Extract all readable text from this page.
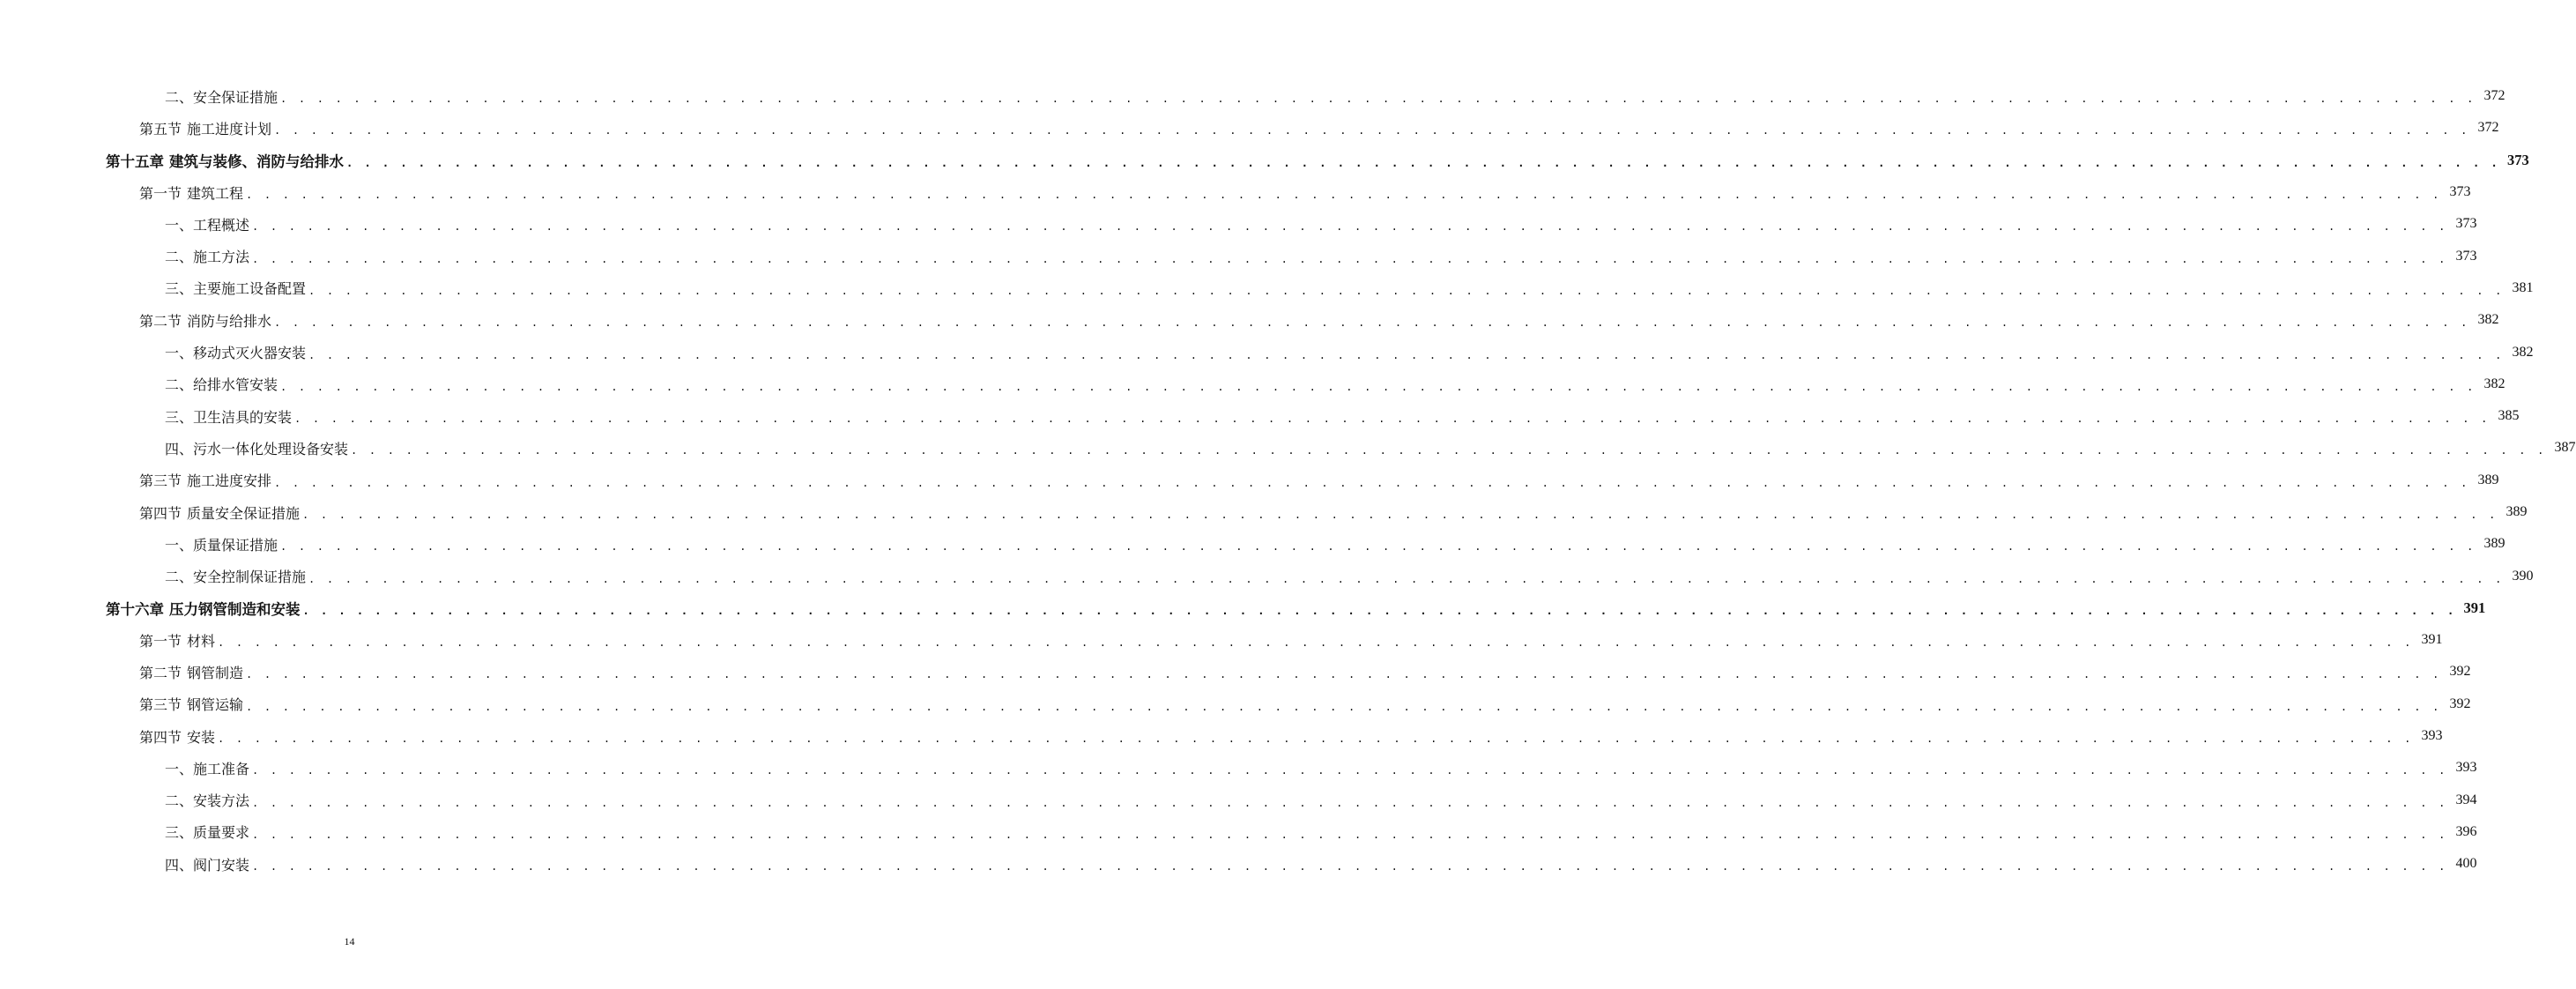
二、安全保证措施 . . . . . . . . . . . . . . . . . . . . . . . . . . . . . . . . . . . . . . . . . . . . . . . . . . . . . . . . . . . . . . . . . . . . . . . . . . . . . . . . . . . . . . . . . . . . . . . . . . . . . . . . . . . . . . . . . . . . . . . . 372
第五节 施工进度计划 . . . . . . . . . . . . . . . . . . . . . . . . . . . . . . . . . . . . . . . . . . . . . . . . . . . . . . . . . . . . . . . . . . . . . . . . . . . . . . . . . . . . . . . . . . . . . . . . . . . . . . . . . . . . . . . . . . . . . . . . 372
第十五章 建筑与装修、消防与给排水 . . . . . . . . . . . . . . . . . . . . . . . . . . . . . . . . . . . . . . . . . . . . . . . . . . . . . . . . . . . . . . . . . . . . . . . . . . . . . . . . . . . . . . . . . . . . . . . . . . . . . . . . . . . . . . . . . . . . . . . . 373
第一节 建筑工程 . . . . . . . . . . . . . . . . . . . . . . . . . . . . . . . . . . . . . . . . . . . . . . . . . . . . . . . . . . . . . . . . . . . . . . . . . . . . . . . . . . . . . . . . . . . . . . . . . . . . . . . . . . . . . . . . . . . . . . . . 373
一、工程概述 . . . . . . . . . . . . . . . . . . . . . . . . . . . . . . . . . . . . . . . . . . . . . . . . . . . . . . . . . . . . . . . . . . . . . . . . . . . . . . . . . . . . . . . . . . . . . . . . . . . . . . . . . . . . . . . . . . . . . . . . 373
二、施工方法 . . . . . . . . . . . . . . . . . . . . . . . . . . . . . . . . . . . . . . . . . . . . . . . . . . . . . . . . . . . . . . . . . . . . . . . . . . . . . . . . . . . . . . . . . . . . . . . . . . . . . . . . . . . . . . . . . . . . . . . . 373
三、主要施工设备配置 . . . . . . . . . . . . . . . . . . . . . . . . . . . . . . . . . . . . . . . . . . . . . . . . . . . . . . . . . . . . . . . . . . . . . . . . . . . . . . . . . . . . . . . . . . . . . . . . . . . . . . . . . . . . . . . . . . . . . . . . 381
第二节 消防与给排水 . . . . . . . . . . . . . . . . . . . . . . . . . . . . . . . . . . . . . . . . . . . . . . . . . . . . . . . . . . . . . . . . . . . . . . . . . . . . . . . . . . . . . . . . . . . . . . . . . . . . . . . . . . . . . . . . . . . . . . . . 382
一、移动式灭火器安装 . . . . . . . . . . . . . . . . . . . . . . . . . . . . . . . . . . . . . . . . . . . . . . . . . . . . . . . . . . . . . . . . . . . . . . . . . . . . . . . . . . . . . . . . . . . . . . . . . . . . . . . . . . . . . . . . . . . . . . . . 382
二、给排水管安装 . . . . . . . . . . . . . . . . . . . . . . . . . . . . . . . . . . . . . . . . . . . . . . . . . . . . . . . . . . . . . . . . . . . . . . . . . . . . . . . . . . . . . . . . . . . . . . . . . . . . . . . . . . . . . . . . . . . . . . . . 382
三、卫生洁具的安装 . . . . . . . . . . . . . . . . . . . . . . . . . . . . . . . . . . . . . . . . . . . . . . . . . . . . . . . . . . . . . . . . . . . . . . . . . . . . . . . . . . . . . . . . . . . . . . . . . . . . . . . . . . . . . . . . . . . . . . . . 385
四、污水一体化处理设备安装 . . . . . . . . . . . . . . . . . . . . . . . . . . . . . . . . . . . . . . . . . . . . . . . . . . . . . . . . . . . . . . . . . . . . . . . . . . . . . . . . . . . . . . . . . . . . . . . . . . . . . . . . . . . . . . . . . . . . . . . . 387
第三节 施工进度安排 . . . . . . . . . . . . . . . . . . . . . . . . . . . . . . . . . . . . . . . . . . . . . . . . . . . . . . . . . . . . . . . . . . . . . . . . . . . . . . . . . . . . . . . . . . . . . . . . . . . . . . . . . . . . . . . . . . . . . . . . 389
第四节 质量安全保证措施 . . . . . . . . . . . . . . . . . . . . . . . . . . . . . . . . . . . . . . . . . . . . . . . . . . . . . . . . . . . . . . . . . . . . . . . . . . . . . . . . . . . . . . . . . . . . . . . . . . . . . . . . . . . . . . . . . . . . . . . . 389
一、质量保证措施 . . . . . . . . . . . . . . . . . . . . . . . . . . . . . . . . . . . . . . . . . . . . . . . . . . . . . . . . . . . . . . . . . . . . . . . . . . . . . . . . . . . . . . . . . . . . . . . . . . . . . . . . . . . . . . . . . . . . . . . . 389
二、安全控制保证措施 . . . . . . . . . . . . . . . . . . . . . . . . . . . . . . . . . . . . . . . . . . . . . . . . . . . . . . . . . . . . . . . . . . . . . . . . . . . . . . . . . . . . . . . . . . . . . . . . . . . . . . . . . . . . . . . . . . . . . . . . 390
第十六章 压力钢管制造和安装 . . . . . . . . . . . . . . . . . . . . . . . . . . . . . . . . . . . . . . . . . . . . . . . . . . . . . . . . . . . . . . . . . . . . . . . . . . . . . . . . . . . . . . . . . . . . . . . . . . . . . . . . . . . . . . . . . . . . . . . . 391
第一节 材料 . . . . . . . . . . . . . . . . . . . . . . . . . . . . . . . . . . . . . . . . . . . . . . . . . . . . . . . . . . . . . . . . . . . . . . . . . . . . . . . . . . . . . . . . . . . . . . . . . . . . . . . . . . . . . . . . . . . . . . . . 391
第二节 钢管制造 . . . . . . . . . . . . . . . . . . . . . . . . . . . . . . . . . . . . . . . . . . . . . . . . . . . . . . . . . . . . . . . . . . . . . . . . . . . . . . . . . . . . . . . . . . . . . . . . . . . . . . . . . . . . . . . . . . . . . . . . 392
第三节 钢管运输 . . . . . . . . . . . . . . . . . . . . . . . . . . . . . . . . . . . . . . . . . . . . . . . . . . . . . . . . . . . . . . . . . . . . . . . . . . . . . . . . . . . . . . . . . . . . . . . . . . . . . . . . . . . . . . . . . . . . . . . . 392
第四节 安装 . . . . . . . . . . . . . . . . . . . . . . . . . . . . . . . . . . . . . . . . . . . . . . . . . . . . . . . . . . . . . . . . . . . . . . . . . . . . . . . . . . . . . . . . . . . . . . . . . . . . . . . . . . . . . . . . . . . . . . . . 393
一、施工准备 . . . . . . . . . . . . . . . . . . . . . . . . . . . . . . . . . . . . . . . . . . . . . . . . . . . . . . . . . . . . . . . . . . . . . . . . . . . . . . . . . . . . . . . . . . . . . . . . . . . . . . . . . . . . . . . . . . . . . . . . 393
二、安装方法 . . . . . . . . . . . . . . . . . . . . . . . . . . . . . . . . . . . . . . . . . . . . . . . . . . . . . . . . . . . . . . . . . . . . . . . . . . . . . . . . . . . . . . . . . . . . . . . . . . . . . . . . . . . . . . . . . . . . . . . . 394
三、质量要求 . . . . . . . . . . . . . . . . . . . . . . . . . . . . . . . . . . . . . . . . . . . . . . . . . . . . . . . . . . . . . . . . . . . . . . . . . . . . . . . . . . . . . . . . . . . . . . . . . . . . . . . . . . . . . . . . . . . . . . . . 396
四、阀门安装 . . . . . . . . . . . . . . . . . . . . . . . . . . . . . . . . . . . . . . . . . . . . . . . . . . . . . . . . . . . . . . . . . . . . . . . . . . . . . . . . . . . . . . . . . . . . . . . . . . . . . . . . . . . . . . . . . . . . . . . . 400
14
